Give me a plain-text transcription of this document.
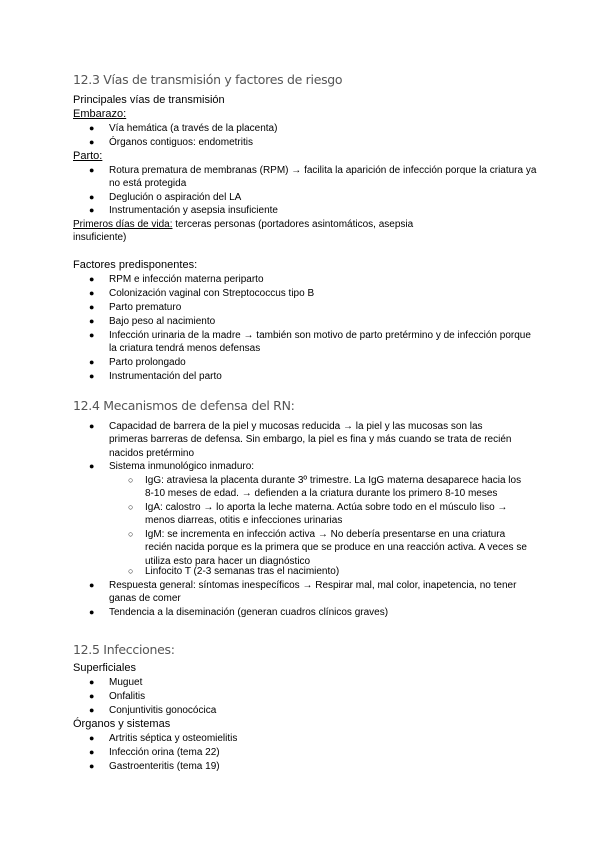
12.3 Vías de transmisión y factores de riesgo
Principales vías de transmisión
Embarazo:
● Vía hemática (a través de la placenta)
● Órganos contiguos: endometritis
Parto:
● Rotura prematura de membranas (RPM) → facilita la aparición de infección porque la criatura ya no está protegida
● Deglución o aspiración del LA
● Instrumentación y asepsia insuficiente
Primeros días de vida: terceras personas (portadores asintomáticos, asepsia insuficiente)
Factores predisponentes:
● RPM e infección materna periparto
● Colonización vaginal con Streptococcus tipo B
● Parto prematuro
● Bajo peso al nacimiento
● Infección urinaria de la madre → también son motivo de parto pretérmino y de infección porque la criatura tendrá menos defensas
● Parto prolongado
● Instrumentación del parto
12.4 Mecanismos de defensa del RN:
● Capacidad de barrera de la piel y mucosas reducida → la piel y las mucosas son las primeras barreras de defensa. Sin embargo, la piel es fina y más cuando se trata de recién nacidos pretérmino
● Sistema inmunológico inmaduro:
○ IgG: atraviesa la placenta durante 3º trimestre. La IgG materna desaparece hacia los 8-10 meses de edad. → defienden a la criatura durante los primero 8-10 meses
○ IgA: calostro → lo aporta la leche materna. Actúa sobre todo en el músculo liso → menos diarreas, otitis e infecciones urinarias
○ IgM: se incrementa en infección activa → No debería presentarse en una criatura recién nacida porque es la primera que se produce en una reacción activa. A veces se utiliza esto para hacer un diagnóstico
○ Linfocito T (2-3 semanas tras el nacimiento)
● Respuesta general: síntomas inespecíficos → Respirar mal, mal color, inapetencia, no tener ganas de comer
● Tendencia a la diseminación (generan cuadros clínicos graves)
12.5 Infecciones:
Superficiales
● Muguet
● Onfalitis
● Conjuntivitis gonocócica
Órganos y sistemas
● Artritis séptica y osteomielitis
● Infección orina (tema 22)
● Gastroenteritis (tema 19)
